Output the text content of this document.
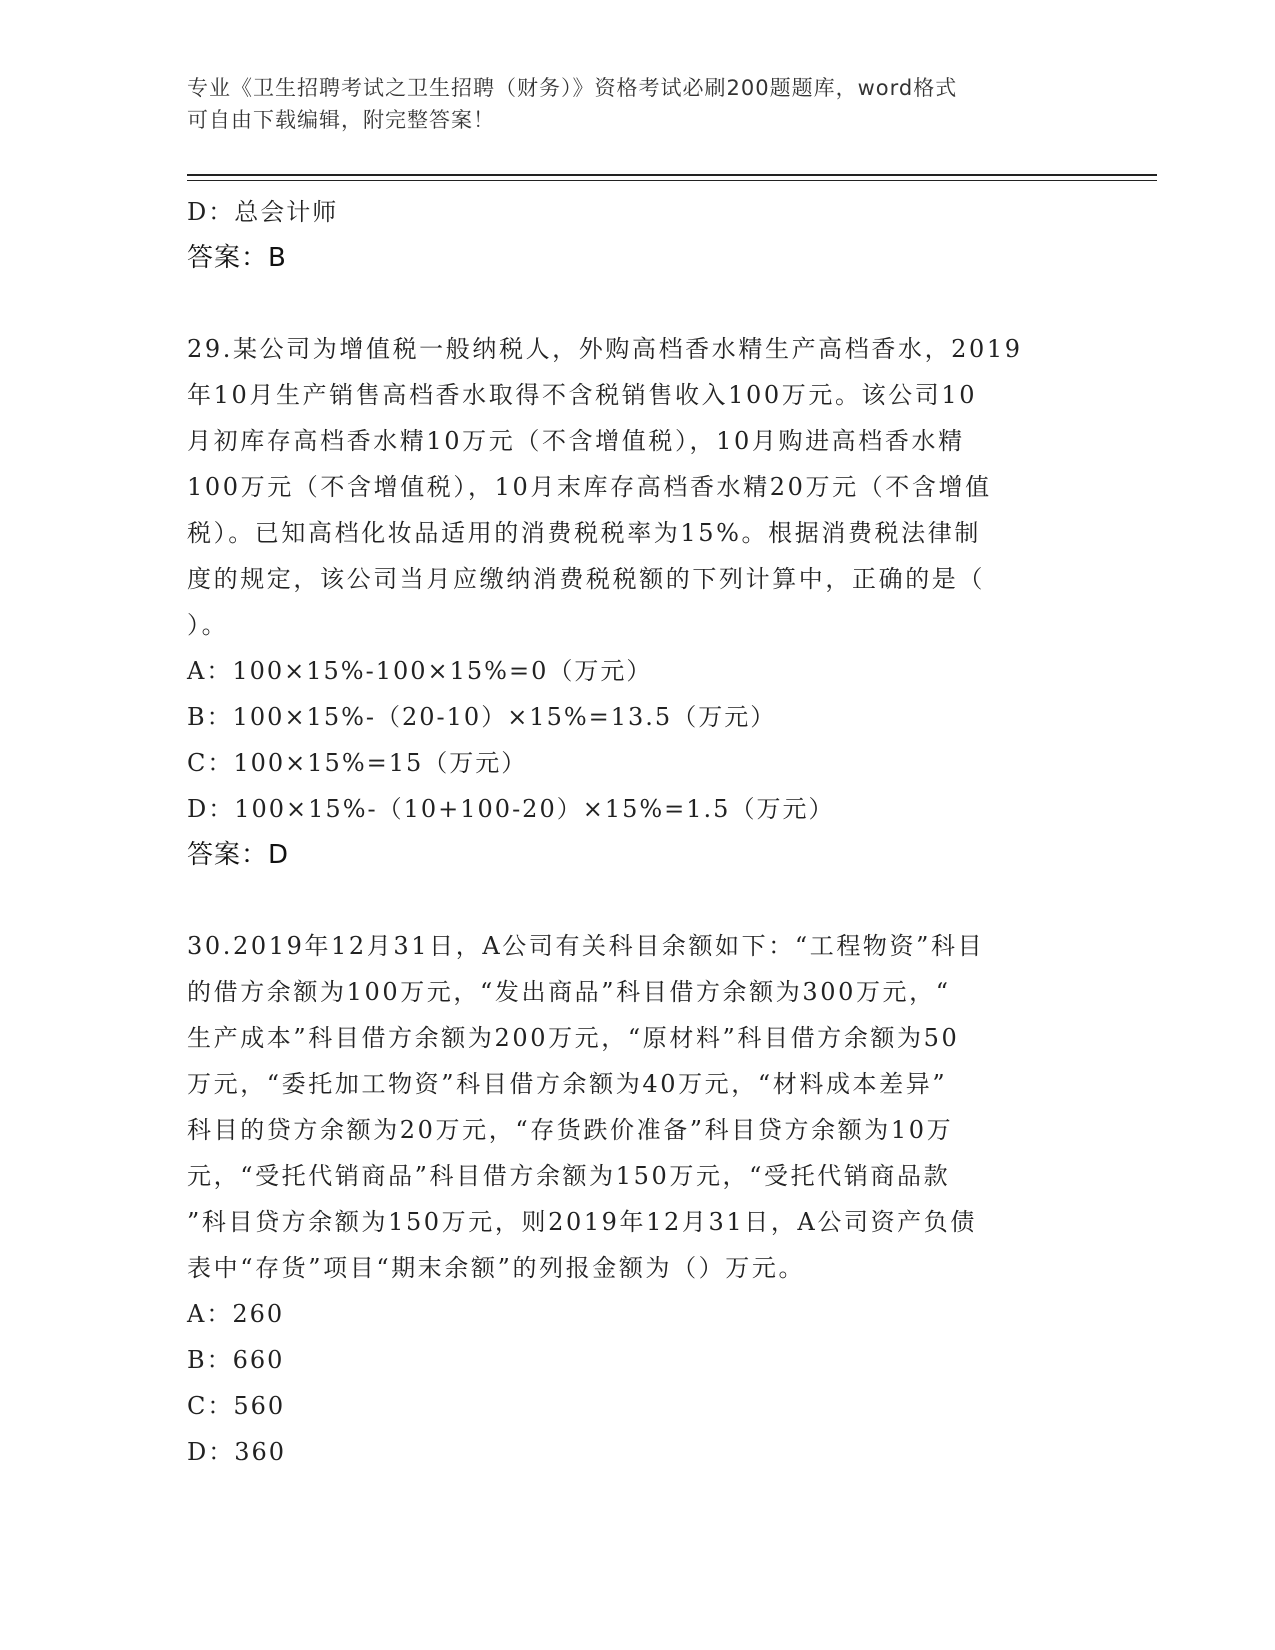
专业《卫生招聘考试之卫生招聘（财务）》资格考试必刷200题题库，word格式
可自由下载编辑，附完整答案！
D：总会计师
答案：B
29.某公司为增值税一般纳税人，外购高档香水精生产高档香水，2019
年10月生产销售高档香水取得不含税销售收入100万元。该公司10
月初库存高档香水精10万元（不含增值税），10月购进高档香水精
100万元（不含增值税），10月末库存高档香水精20万元（不含增值
税）。已知高档化妆品适用的消费税税率为15%。根据消费税法律制
度的规定，该公司当月应缴纳消费税税额的下列计算中，正确的是（
）。
A：100×15%-100×15%=0（万元）
B：100×15%-（20-10）×15%=13.5（万元）
C：100×15%=15（万元）
D：100×15%-（10+100-20）×15%=1.5（万元）
答案：D
30.2019年12月31日，A公司有关科目余额如下：“工程物资”科目
的借方余额为100万元，“发出商品”科目借方余额为300万元，“
生产成本”科目借方余额为200万元，“原材料”科目借方余额为50
万元，“委托加工物资”科目借方余额为40万元，“材料成本差异”
科目的贷方余额为20万元，“存货跌价准备”科目贷方余额为10万
元，“受托代销商品”科目借方余额为150万元，“受托代销商品款
”科目贷方余额为150万元，则2019年12月31日，A公司资产负债
表中“存货”项目“期末余额”的列报金额为（）万元。
A：260
B：660
C：560
D：360
